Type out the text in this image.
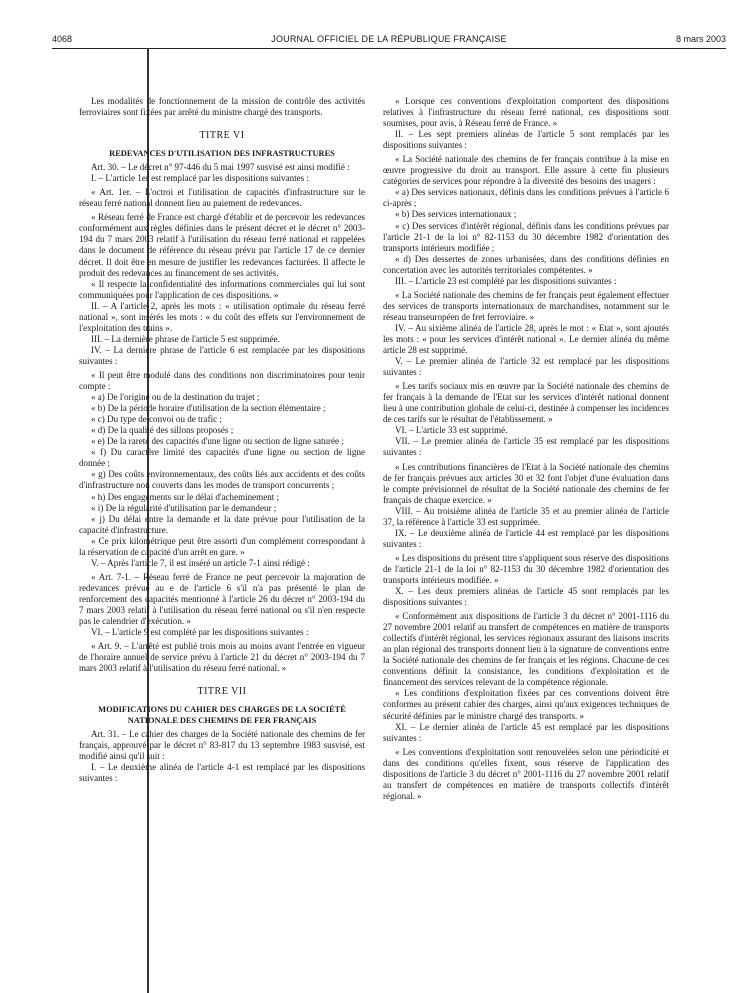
4068	JOURNAL OFFICIEL DE LA RÉPUBLIQUE FRANÇAISE	8 mars 2003

Les modalités de fonctionnement de la mission de contrôle des activités ferroviaires sont fixées par arrêté du ministre chargé des transports.

TITRE VI
REDEVANCES D'UTILISATION DES INFRASTRUCTURES

Art. 30. – Le décret n° 97-446 du 5 mai 1997 susvisé est ainsi modifié :

I. – L'article 1er est remplacé par les dispositions suivantes :

« Art. 1er. – L'octroi et l'utilisation de capacités d'infrastructure sur le réseau ferré national donnent lieu au paiement de redevances.

« Réseau ferré de France est chargé d'établir et de percevoir les redevances conformément aux règles définies dans le présent décret et le décret n° 2003-194 du 7 mars 2003 relatif à l'utilisation du réseau ferré national et rappelées dans le document de référence du réseau prévu par l'article 17 de ce dernier décret. Il doit être en mesure de justifier les redevances facturées. Il affecte le produit des redevances au financement de ses activités.

« Il respecte la confidentialité des informations commerciales qui lui sont communiquées pour l'application de ces dispositions. »

II. – A l'article 2, après les mots : « utilisation optimale du réseau ferré national », sont insérés les mots : « du coût des effets sur l'environnement de l'exploitation des trains ».

III. – La dernière phrase de l'article 5 est supprimée.

IV. – La dernière phrase de l'article 6 est remplacée par les dispositions suivantes :

« Il peut être modulé dans des conditions non discriminatoires pour tenir compte :

« a) De l'origine ou de la destination du trajet ;

« b) De la période horaire d'utilisation de la section élémentaire ;

« c) Du type de convoi ou de trafic ;

« d) De la qualité des sillons proposés ;

« e) De la rareté des capacités d'une ligne ou section de ligne saturée ;

« f) Du caractère limité des capacités d'une ligne ou section de ligne donnée ;

« g) Des coûts environnementaux, des coûts liés aux accidents et des coûts d'infrastructure non couverts dans les modes de transport concurrents ;

« h) Des engagements sur le délai d'acheminement ;

« i) De la régularité d'utilisation par le demandeur ;

« j) Du délai entre la demande et la date prévue pour l'utilisation de la capacité d'infrastructure.

« Ce prix kilométrique peut être assorti d'un complément correspondant à la réservation de capacité d'un arrêt en gare. »

V. – Après l'article 7, il est inséré un article 7-1 ainsi rédigé :

« Art. 7-1. – Réseau ferré de France ne peut percevoir la majoration de redevances prévue au e de l'article 6 s'il n'a pas présenté le plan de renforcement des capacités mentionné à l'article 26 du décret n° 2003-194 du 7 mars 2003 relatif à l'utilisation du réseau ferré national ou s'il n'en respecte pas le calendrier d'exécution. »

VI. – L'article 9 est complété par les dispositions suivantes :

« Art. 9. – L'arrêté est publié trois mois au moins avant l'entrée en vigueur de l'horaire annuel de service prévu à l'article 21 du décret n° 2003-194 du 7 mars 2003 relatif à l'utilisation du réseau ferré national. »

TITRE VII
MODIFICATIONS DU CAHIER DES CHARGES DE LA SOCIÉTÉ NATIONALE DES CHEMINS DE FER FRANÇAIS

Art. 31. – Le cahier des charges de la Société nationale des chemins de fer français, approuvé par le décret n° 83-817 du 13 septembre 1983 susvisé, est modifié ainsi qu'il suit :

I. – Le deuxième alinéa de l'article 4-1 est remplacé par les dispositions suivantes :

« Lorsque ces conventions d'exploitation comportent des dispositions relatives à l'infrastructure du réseau ferré national, ces dispositions sont soumises, pour avis, à Réseau ferré de France. »

II. – Les sept premiers alinéas de l'article 5 sont remplacés par les dispositions suivantes :

« La Société nationale des chemins de fer français contribue à la mise en œuvre progressive du droit au transport. Elle assure à cette fin plusieurs catégories de services pour répondre à la diversité des besoins des usagers :

« a) Des services nationaux, définis dans les conditions prévues à l'article 6 ci-après ;

« b) Des services internationaux ;

« c) Des services d'intérêt régional, définis dans les conditions prévues par l'article 21-1 de la loi n° 82-1153 du 30 décembre 1982 d'orientation des transports intérieurs modifiée ;

« d) Des dessertes de zones urbanisées, dans des conditions définies en concertation avec les autorités territoriales compétentes. »

III. – L'article 23 est complété par les dispositions suivantes :

« La Société nationale des chemins de fer français peut également effectuer des services de transports internationaux de marchandises, notamment sur le réseau transeuropéen de fret ferroviaire. »

IV. – Au sixième alinéa de l'article 28, après le mot : « Etat », sont ajoutés les mots : « pour les services d'intérêt national ». Le dernier alinéa du même article 28 est supprimé.

V. – Le premier alinéa de l'article 32 est remplacé par les dispositions suivantes :

« Les tarifs sociaux mis en œuvre par la Société nationale des chemins de fer français à la demande de l'Etat sur les services d'intérêt national donnent lieu à une contribution globale de celui-ci, destinée à compenser les incidences de ces tarifs sur le résultat de l'établissement. »

VI. – L'article 33 est supprimé.

VII. – Le premier alinéa de l'article 35 est remplacé par les dispositions suivantes :

« Les contributions financières de l'Etat à la Société nationale des chemins de fer français prévues aux articles 30 et 32 font l'objet d'une évaluation dans le compte prévisionnel de résultat de la Société nationale des chemins de fer français de chaque exercice. »

VIII. – Au troisième alinéa de l'article 35 et au premier alinéa de l'article 37, la référence à l'article 33 est supprimée.

IX. – Le deuxième alinéa de l'article 44 est remplacé par les dispositions suivantes :

« Les dispositions du présent titre s'appliquent sous réserve des dispositions de l'article 21-1 de la loi n° 82-1153 du 30 décembre 1982 d'orientation des transports intérieurs modifiée. »

X. – Les deux premiers alinéas de l'article 45 sont remplacés par les dispositions suivantes :

« Conformément aux dispositions de l'article 3 du décret n° 2001-1116 du 27 novembre 2001 relatif au transfert de compétences en matière de transports collectifs d'intérêt régional, les services régionaux assurant des liaisons inscrits au plan régional des transports donnent lieu à la signature de conventions entre la Société nationale des chemins de fer français et les régions. Chacune de ces conventions définit la consistance, les conditions d'exploitation et de financement des services relevant de la compétence régionale.

« Les conditions d'exploitation fixées par ces conventions doivent être conformes au présent cahier des charges, ainsi qu'aux exigences techniques de sécurité définies par le ministre chargé des transports. »

XI. – Le dernier alinéa de l'article 45 est remplacé par les dispositions suivantes :

« Les conventions d'exploitation sont renouvelées selon une périodicité et dans des conditions qu'elles fixent, sous réserve de l'application des dispositions de l'article 3 du décret n° 2001-1116 du 27 novembre 2001 relatif au transfert de compétences en matière de transports collectifs d'intérêt régional. »
